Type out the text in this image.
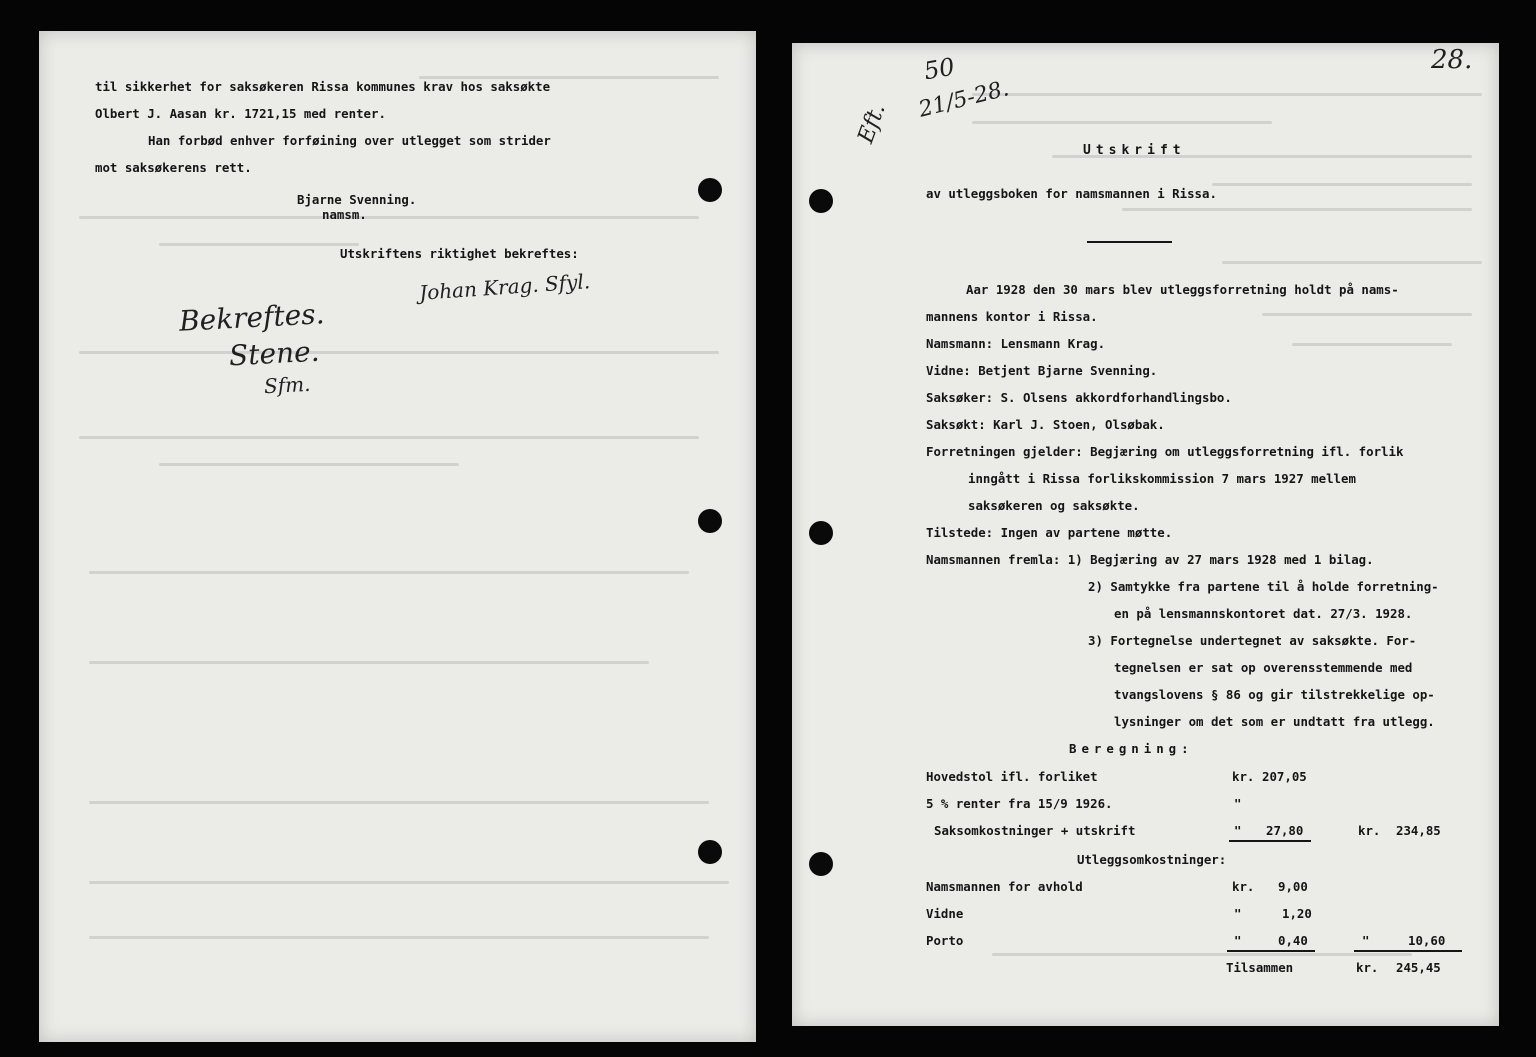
til sikkerhet for saksøkeren Rissa kommunes krav hos saksøkte
Olbert J. Aasan kr. 1721,15 med renter.
Han forbød enhver forføining over utlegget som strider
mot saksøkerens rett.
Bjarne Svenning.
namsm.
Utskriftens riktighet bekreftes:
Johan Krag. Sfyl.
Bekreftes.
Stene.
Sfm.
28.
50
21/5-28.
Eft.
Utskrift
av utleggsboken for namsmannen i Rissa.
Aar 1928 den 30 mars blev utleggsforretning holdt på nams-
mannens kontor i Rissa.
Namsmann: Lensmann Krag.
Vidne: Betjent Bjarne Svenning.
Saksøker: S. Olsens akkordforhandlingsbo.
Saksøkt: Karl J. Stoen, Olsøbak.
Forretningen gjelder: Begjæring om utleggsforretning ifl. forlik
inngått i Rissa forlikskommission 7 mars 1927 mellem
saksøkeren og saksøkte.
Tilstede: Ingen av partene møtte.
Namsmannen fremla: 1) Begjæring av 27 mars 1928 med 1 bilag.
2) Samtykke fra partene til å holde forretning-
en på lensmannskontoret dat. 27/3. 1928.
3) Fortegnelse undertegnet av saksøkte. For-
tegnelsen er sat op overensstemmende med
tvangslovens § 86 og gir tilstrekkelige op-
lysninger om det som er undtatt fra utlegg.
Beregning:
Hovedstol ifl. forliket	kr. 207,05
5 % renter fra 15/9 1926.	"
Saksomkostninger + utskrift	" 27,80	kr. 234,85
Utleggsomkostninger:
Namsmannen for avhold	kr. 9,00
Vidne	"	1,20
Porto	"	0,40	"	10,60
Tilsammen	kr. 245,45
